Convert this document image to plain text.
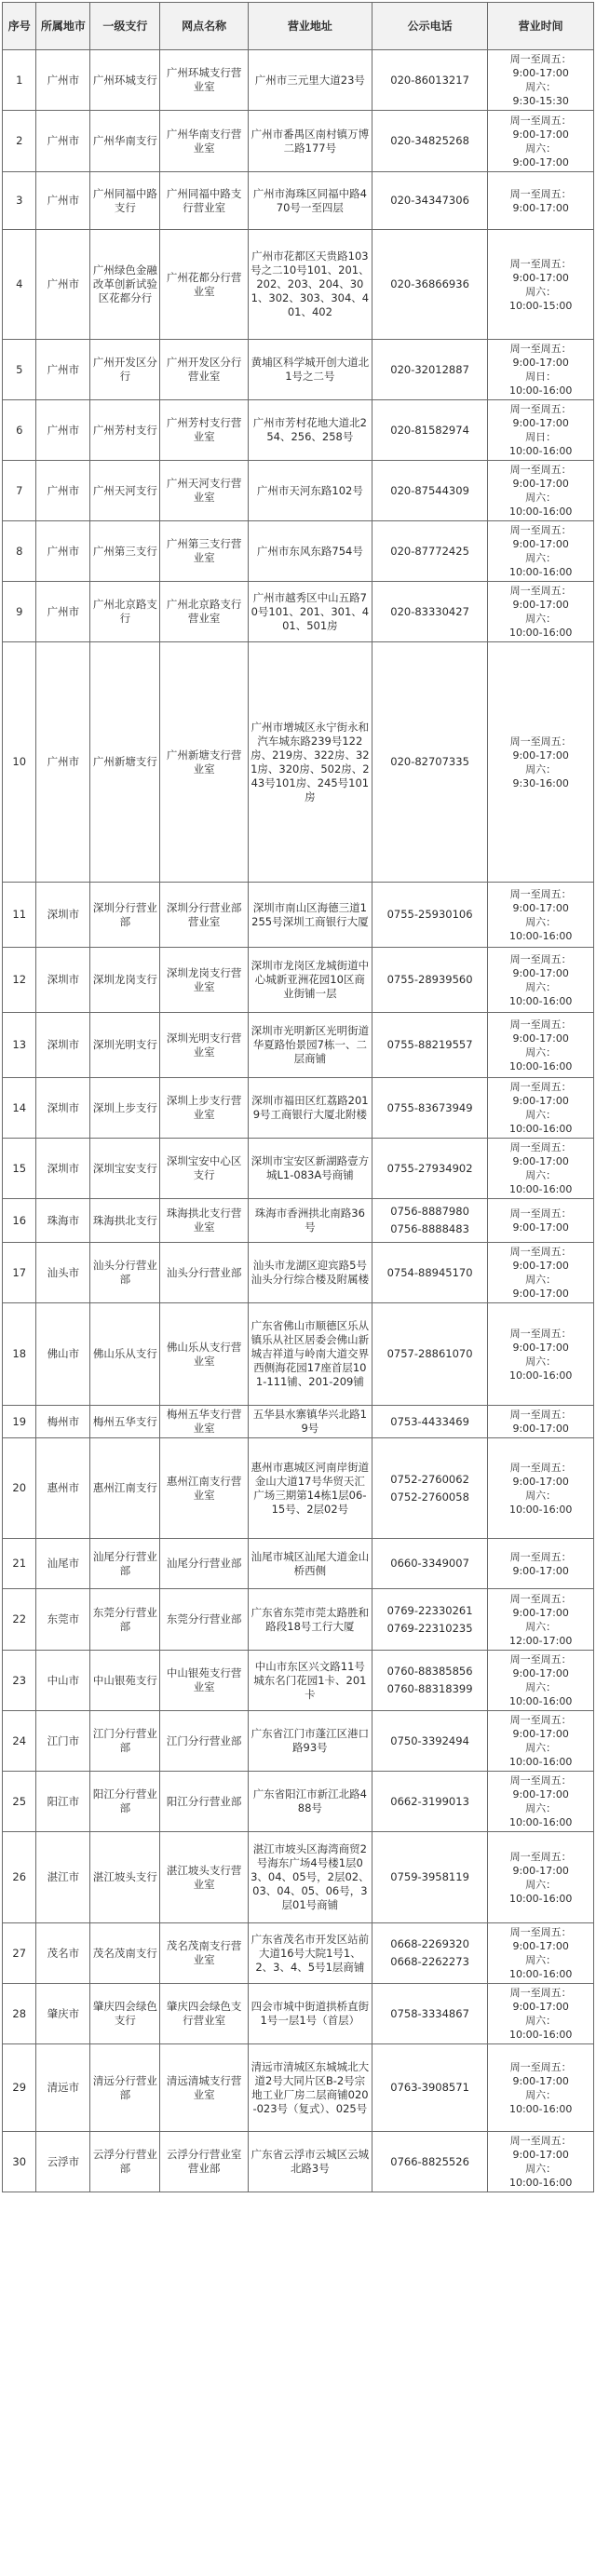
序号	所属地市	一级支行	网点名称	营业地址	公示电话	营业时间
1	广州市	广州环城支行	广州环城支行营业室	广州市三元里大道23号	020-86013217	周一至周五：
9:00-17:00
周六：
9:30-15:30

2	广州市	广州华南支行	广州华南支行营业室	广州市番禺区南村镇万博二路177号	020-34825268	周一至周五：
9:00-17:00
周六：
9:00-17:00

3	广州市	广州同福中路支行	广州同福中路支行营业室	广州市海珠区同福中路470号一至四层	020-34347306	周一至周五：
9:00-17:00

4	广州市	广州绿色金融改革创新试验区花都分行	广州花都分行营业室	广州市花都区天贵路103号之二10号101、201、202、203、204、301、302、303、304、401、402	020-36866936	周一至周五：
9:00-17:00
周六：
10:00-15:00

5	广州市	广州开发区分行	广州开发区分行营业室	黄埔区科学城开创大道北1号之二号	020-32012887	周一至周五：
9:00-17:00
周日：
10:00-16:00

6	广州市	广州芳村支行	广州芳村支行营业室	广州市芳村花地大道北254、256、258号	020-81582974	周一至周五：
9:00-17:00
周日：
10:00-16:00

7	广州市	广州天河支行	广州天河支行营业室	广州市天河东路102号	020-87544309	周一至周五：
9:00-17:00
周六：
10:00-16:00

8	广州市	广州第三支行	广州第三支行营业室	广州市东风东路754号	020-87772425	周一至周五：
9:00-17:00
周六：
10:00-16:00

9	广州市	广州北京路支行	广州北京路支行营业室	广州市越秀区中山五路70号101、201、301、401、501房	020-83330427	周一至周五：
9:00-17:00
周六：
10:00-16:00

10	广州市	广州新塘支行	广州新塘支行营业室	广州市增城区永宁街永和汽车城东路239号122房、219房、322房、321房、320房、502房、243号101房、245号101房	020-82707335	周一至周五：
9:00-17:00
周六：
9:30-16:00

11	深圳市	深圳分行营业部	深圳分行营业部营业室	深圳市南山区海德三道1255号深圳工商银行大厦	0755-25930106	周一至周五：
9:00-17:00
周六：
10:00-16:00

12	深圳市	深圳龙岗支行	深圳龙岗支行营业室	深圳市龙岗区龙城街道中心城新亚洲花园10区商业街铺一层	0755-28939560	周一至周五：
9:00-17:00
周六：
10:00-16:00

13	深圳市	深圳光明支行	深圳光明支行营业室	深圳市光明新区光明街道华夏路怡景园7栋一、二层商铺	0755-88219557	周一至周五：
9:00-17:00
周六：
10:00-16:00

14	深圳市	深圳上步支行	深圳上步支行营业室	深圳市福田区红荔路2019号工商银行大厦北附楼	0755-83673949	周一至周五：
9:00-17:00
周六：
10:00-16:00

15	深圳市	深圳宝安支行	深圳宝安中心区支行	深圳市宝安区新湖路壹方城L1-083A号商铺	0755-27934902	周一至周五：
9:00-17:00
周六：
10:00-16:00

16	珠海市	珠海拱北支行	珠海拱北支行营业室	珠海市香洲拱北南路36号	0756-8887980
0756-8888483	周一至周五：
9:00-17:00

17	汕头市	汕头分行营业部	汕头分行营业部	汕头市龙湖区迎宾路5号汕头分行综合楼及附属楼	0754-88945170	周一至周五：
9:00-17:00
周六：
9:00-17:00

18	佛山市	佛山乐从支行	佛山乐从支行营业室	广东省佛山市顺德区乐从镇乐从社区居委会佛山新城吉祥道与岭南大道交界西侧海花园17座首层101-111铺、201-209铺	0757-28861070	周一至周五：
9:00-17:00
周六：
10:00-16:00

19	梅州市	梅州五华支行	梅州五华支行营业室	五华县水寨镇华兴北路19号	0753-4433469	周一至周五：
9:00-17:00

20	惠州市	惠州江南支行	惠州江南支行营业室	惠州市惠城区河南岸街道金山大道17号华贸天汇广场三期第14栋1层06-15号、2层02号	0752-2760062
0752-2760058	周一至周五：
9:00-17:00
周六：
10:00-16:00

21	汕尾市	汕尾分行营业部	汕尾分行营业部	汕尾市城区汕尾大道金山桥西侧	0660-3349007	周一至周五：
9:00-17:00

22	东莞市	东莞分行营业部	东莞分行营业部	广东省东莞市莞太路胜和路段18号工行大厦	0769-22330261
0769-22310235	周一至周五：
9:00-17:00
周六：
12:00-17:00

23	中山市	中山银苑支行	中山银苑支行营业室	中山市东区兴文路11号城东名门花园1卡、201卡	0760-88385856
0760-88318399	周一至周五：
9:00-17:00
周六：
10:00-16:00

24	江门市	江门分行营业部	江门分行营业部	广东省江门市蓬江区港口路93号	0750-3392494	周一至周五：
9:00-17:00
周六：
10:00-16:00

25	阳江市	阳江分行营业部	阳江分行营业部	广东省阳江市新江北路488号	0662-3199013	周一至周五：
9:00-17:00
周六：
10:00-16:00

26	湛江市	湛江坡头支行	湛江坡头支行营业室	湛江市坡头区海湾商贸2号海东广场4号楼1层03、04、05号，2层02、03、04、05、06号，3层01号商铺	0759-3958119	周一至周五：
9:00-17:00
周六：
10:00-16:00

27	茂名市	茂名茂南支行	茂名茂南支行营业室	广东省茂名市开发区站前大道16号大院1号1、2、3、4、5号1层商铺	0668-2269320
0668-2262273	周一至周五：
9:00-17:00
周六：
10:00-16:00

28	肇庆市	肇庆四会绿色支行	肇庆四会绿色支行营业室	四会市城中街道拱桥直街1号一层1号（首层）	0758-3334867	周一至周五：
9:00-17:00
周六：
10:00-16:00

29	清远市	清远分行营业部	清远清城支行营业室	清远市清城区东城城北大道2号大同片区B-2号宗地工业厂房二层商铺020-023号（复式）、025号	0763-3908571	周一至周五：
9:00-17:00
周六：
10:00-16:00

30	云浮市	云浮分行营业部	云浮分行营业室营业部	广东省云浮市云城区云城北路3号	0766-8825526	周一至周五：
9:00-17:00
周六：
10:00-16:00
